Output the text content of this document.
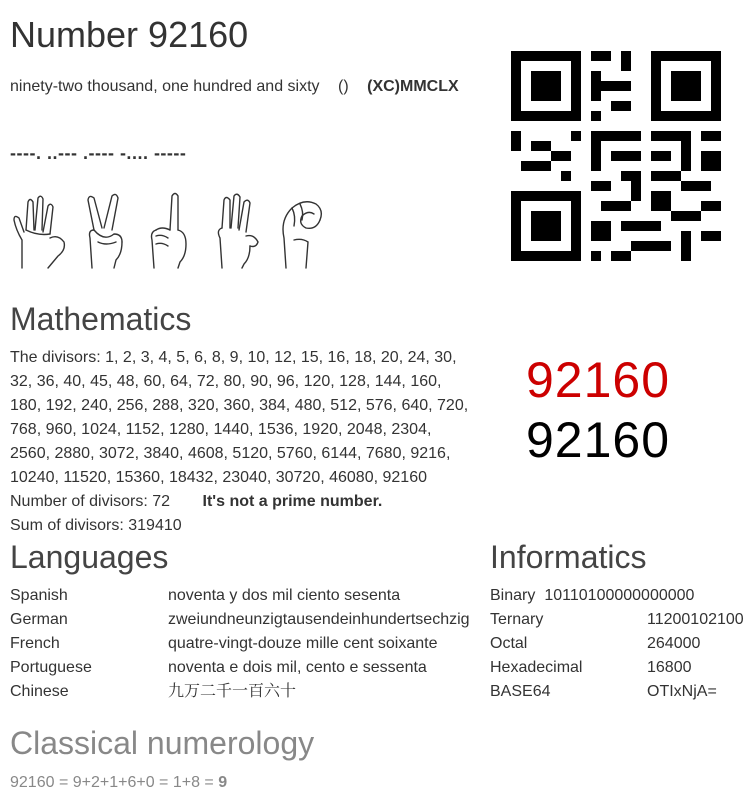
Number 92160
ninety-two thousand, one hundred and sixty () (XC)MMCLX
----. ..--- .---- -.... -----
Mathematics
The divisors: 1, 2, 3, 4, 5, 6, 8, 9, 10, 12, 15, 16, 18, 20, 24, 30,
32, 36, 40, 45, 48, 60, 64, 72, 80, 90, 96, 120, 128, 144, 160,
180, 192, 240, 256, 288, 320, 360, 384, 480, 512, 576, 640, 720,
768, 960, 1024, 1152, 1280, 1440, 1536, 1920, 2048, 2304,
2560, 2880, 3072, 3840, 4608, 5120, 5760, 6144, 7680, 9216,
10240, 11520, 15360, 18432, 23040, 30720, 46080, 92160
Number of divisors: 72 It's not a prime number.
Sum of divisors: 319410
92160
92160
Languages
Spanish	noventa y dos mil ciento sesenta
German	zweiundneunzigtausendeinhundertsechzig
French	quatre-vingt-douze mille cent soixante
Portuguese	noventa e dois mil, cento e sessenta
Chinese	九万二千一百六十
Informatics
Binary 10110100000000000
Ternary	11200102100
Octal	264000
Hexadecimal	16800
BASE64	OTIxNjA=
Classical numerology
92160 = 9+2+1+6+0 = 1+8 = 9
